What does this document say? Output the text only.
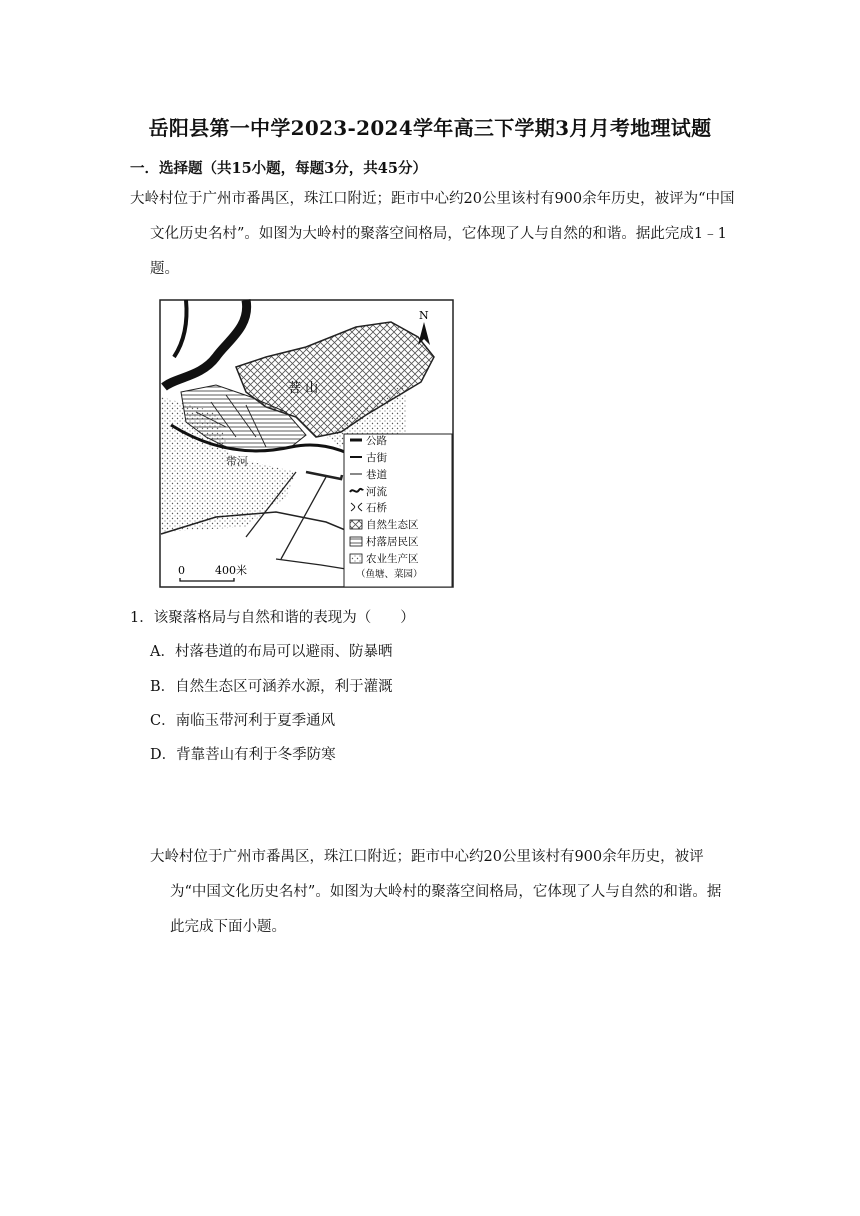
岳阳县第一中学2023-2024学年高三下学期3月月考地理试题
一．选择题（共15小题，每题3分，共45分）
大岭村位于广州市番禺区，珠江口附近；距市中心约20公里该村有900余年历史，被评为“中国文化历史名村”。如图为大岭村的聚落空间格局，它体现了人与自然的和谐。据此完成1﹣1题。
N
菩 山
带河
0	400米
公路
古街
巷道
河流
石桥
自然生态区
村落居民区
农业生产区
（鱼塘、菜园）
1．该聚落格局与自然和谐的表现为（　　）
A．村落巷道的布局可以避雨、防暴晒
B．自然生态区可涵养水源，利于灌溉
C．南临玉带河利于夏季通风
D．背靠菩山有利于冬季防寒
大岭村位于广州市番禺区，珠江口附近；距市中心约20公里该村有900余年历史，被评为“中国文化历史名村”。如图为大岭村的聚落空间格局，它体现了人与自然的和谐。据此完成下面小题。
